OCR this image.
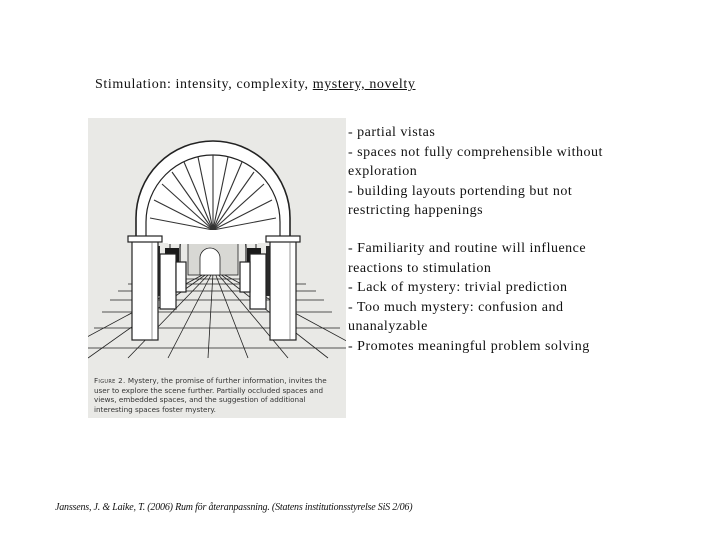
Stimulation: intensity, complexity, mystery, novelty

- partial vistas

- spaces not fully comprehensible without exploration

- building layouts portending but not restricting happenings

- Familiarity and routine will influence reactions to stimulation

- Lack of mystery: trivial prediction

- Too much mystery: confusion and unanalyzable

- Promotes meaningful problem solving

Figure 2. Mystery, the promise of further information, invites the user to explore the scene further. Partially occluded spaces and views, embedded spaces, and the suggestion of additional interesting spaces foster mystery.
Janssens, J. & Laike, T. (2006) Rum för återanpassning. (Statens institutionsstyrelse SiS 2/06)
